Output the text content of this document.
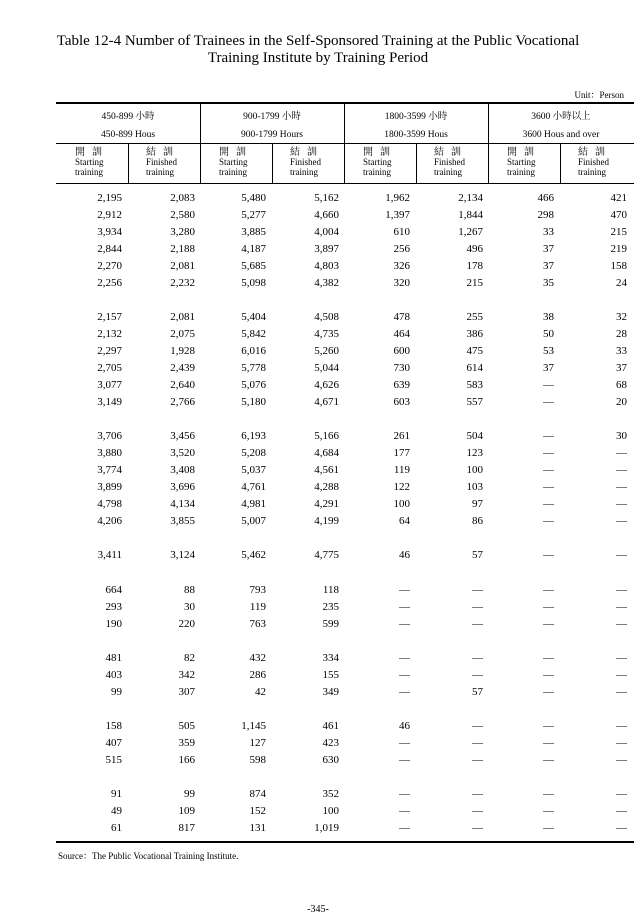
Table 12-4 Number of Trainees in the Self-Sponsored Training at the Public Vocational
Training Institute by Training Period
Unit：Person
450-899 小時
450-899 Hous
900-1799 小時
900-1799 Hours
1800-3599 小時
1800-3599 Hous
3600 小時以上
3600 Hous and over
開訓
Starting
training
結訓
Finished
training
開訓
Starting
training
結訓
Finished
training
開訓
Starting
training
結訓
Finished
training
開訓
Starting
training
結訓
Finished
training
2,195	2,083	5,480	5,162	1,962	2,134	466	421
2,912	2,580	5,277	4,660	1,397	1,844	298	470
3,934	3,280	3,885	4,004	610	1,267	33	215
2,844	2,188	4,187	3,897	256	496	37	219
2,270	2,081	5,685	4,803	326	178	37	158
2,256	2,232	5,098	4,382	320	215	35	24
2,157	2,081	5,404	4,508	478	255	38	32
2,132	2,075	5,842	4,735	464	386	50	28
2,297	1,928	6,016	5,260	600	475	53	33
2,705	2,439	5,778	5,044	730	614	37	37
3,077	2,640	5,076	4,626	639	583	—	68
3,149	2,766	5,180	4,671	603	557	—	20
3,706	3,456	6,193	5,166	261	504	—	30
3,880	3,520	5,208	4,684	177	123	—	—
3,774	3,408	5,037	4,561	119	100	—	—
3,899	3,696	4,761	4,288	122	103	—	—
4,798	4,134	4,981	4,291	100	97	—	—
4,206	3,855	5,007	4,199	64	86	—	—
3,411	3,124	5,462	4,775	46	57	—	—
664	88	793	118	—	—	—	—
293	30	119	235	—	—	—	—
190	220	763	599	—	—	—	—
481	82	432	334	—	—	—	—
403	342	286	155	—	—	—	—
99	307	42	349	—	57	—	—
158	505	1,145	461	46	—	—	—
407	359	127	423	—	—	—	—
515	166	598	630	—	—	—	—
91	99	874	352	—	—	—	—
49	109	152	100	—	—	—	—
61	817	131	1,019	—	—	—	—
Source：The Public Vocational Training Institute.
-345-
